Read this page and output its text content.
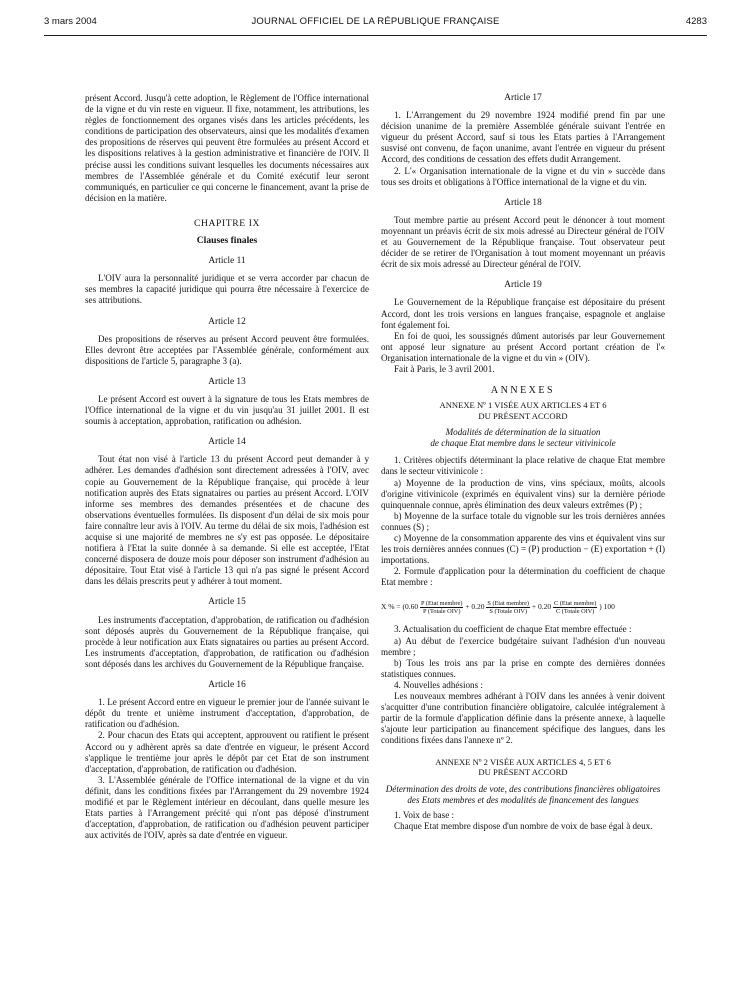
3 mars 2004	JOURNAL OFFICIEL DE LA RÉPUBLIQUE FRANÇAISE	4283

présent Accord. Jusqu'à cette adoption, le Règlement de l'Office international de la vigne et du vin reste en vigueur. Il fixe, notamment, les attributions, les règles de fonctionnement des organes visés dans les articles précédents, les conditions de participation des observateurs, ainsi que les modalités d'examen des propositions de réserves qui peuvent être formulées au présent Accord et les dispositions relatives à la gestion administrative et financière de l'OIV. Il précise aussi les conditions suivant lesquelles les documents nécessaires aux membres de l'Assemblée générale et du Comité exécutif leur seront communiqués, en particulier ce qui concerne le financement, avant la prise de décision en la matière.

CHAPITRE IX
Clauses finales
Article 11

L'OIV aura la personnalité juridique et se verra accorder par chacun de ses membres la capacité juridique qui pourra être nécessaire à l'exercice de ses attributions.

Article 12

Des propositions de réserves au présent Accord peuvent être formulées. Elles devront être acceptées par l'Assemblée générale, conformément aux dispositions de l'article 5, paragraphe 3 (a).

Article 13

Le présent Accord est ouvert à la signature de tous les Etats membres de l'Office international de la vigne et du vin jusqu'au 31 juillet 2001. Il est soumis à acceptation, approbation, ratification ou adhésion.

Article 14

Tout état non visé à l'article 13 du présent Accord peut demander à y adhérer. Les demandes d'adhésion sont directement adressées à l'OIV, avec copie au Gouvernement de la République française, qui procède à leur notification auprès des Etats signataires ou parties au présent Accord. L'OIV informe ses membres des demandes présentées et de chacune des observations éventuelles formulées. Ils disposent d'un délai de six mois pour faire connaître leur avis à l'OIV. Au terme du délai de six mois, l'adhésion est acquise si une majorité de membres ne s'y est pas opposée. Le dépositaire notifiera à l'Etat la suite donnée à sa demande. Si elle est acceptée, l'Etat concerné disposera de douze mois pour déposer son instrument d'adhésion au dépositaire. Tout Etat visé à l'article 13 qui n'a pas signé le présent Accord dans les délais prescrits peut y adhérer à tout moment.

Article 15

Les instruments d'acceptation, d'approbation, de ratification ou d'adhésion sont déposés auprès du Gouvernement de la République française, qui procède à leur notification aux Etats signataires ou parties au présent Accord. Les instruments d'acceptation, d'approbation, de ratification ou d'adhésion sont déposés dans les archives du Gouvernement de la République française.

Article 16

1. Le présent Accord entre en vigueur le premier jour de l'année suivant le dépôt du trente et unième instrument d'acceptation, d'approbation, de ratification ou d'adhésion.

2. Pour chacun des Etats qui acceptent, approuvent ou ratifient le présent Accord ou y adhèrent après sa date d'entrée en vigueur, le présent Accord s'applique le trentième jour après le dépôt par cet Etat de son instrument d'acceptation, d'approbation, de ratification ou d'adhésion.

3. L'Assemblée générale de l'Office international de la vigne et du vin définit, dans les conditions fixées par l'Arrangement du 29 novembre 1924 modifié et par le Règlement intérieur en découlant, dans quelle mesure les Etats parties à l'Arrangement précité qui n'ont pas déposé d'instrument d'acceptation, d'approbation, de ratification ou d'adhésion peuvent participer aux activités de l'OIV, après sa date d'entrée en vigueur.

Article 17

1. L'Arrangement du 29 novembre 1924 modifié prend fin par une décision unanime de la première Assemblée générale suivant l'entrée en vigueur du présent Accord, sauf si tous les Etats parties à l'Arrangement susvisé ont convenu, de façon unanime, avant l'entrée en vigueur du présent Accord, des conditions de cessation des effets dudit Arrangement.

2. L'« Organisation internationale de la vigne et du vin » succède dans tous ses droits et obligations à l'Office international de la vigne et du vin.

Article 18

Tout membre partie au présent Accord peut le dénoncer à tout moment moyennant un préavis écrit de six mois adressé au Directeur général de l'OIV et au Gouvernement de la République française. Tout observateur peut décider de se retirer de l'Organisation à tout moment moyennant un préavis écrit de six mois adressé au Directeur général de l'OIV.

Article 19

Le Gouvernement de la République française est dépositaire du présent Accord, dont les trois versions en langues française, espagnole et anglaise font également foi.

En foi de quoi, les soussignés dûment autorisés par leur Gouvernement ont apposé leur signature au présent Accord portant création de l'« Organisation internationale de la vigne et du vin » (OIV).

Fait à Paris, le 3 avril 2001.

ANNEXES
ANNEXE Nº 1 VISÉE AUX ARTICLES 4 ET 6
DU PRÉSENT ACCORD
Modalités de détermination de la situation
de chaque Etat membre dans le secteur vitivinicole

1. Critères objectifs déterminant la place relative de chaque Etat membre dans le secteur vitivinicole :

a) Moyenne de la production de vins, vins spéciaux, moûts, alcools d'origine vitivinicole (exprimés en équivalent vins) sur la dernière période quinquennale connue, après élimination des deux valeurs extrêmes (P) ;

b) Moyenne de la surface totale du vignoble sur les trois dernières années connues (S) ;

c) Moyenne de la consommation apparente des vins et équivalent vins sur les trois dernières années connues (C) = (P) production − (E) exportation + (I) importations.

2. Formule d'application pour la détermination du coefficient de chaque Etat membre :

X % = ($0.60 \frac{\text{P (Etat membre)}}{\text{P (Totale OIV)}} + 0.20 \frac{\text{S (Etat membre)}}{\text{S (Totale OIV)}} + 0.20 \frac{\text{C (Etat membre)}}{\text{C (Totale OIV)}}$ ) 100

3. Actualisation du coefficient de chaque Etat membre effectuée :

a) Au début de l'exercice budgétaire suivant l'adhésion d'un nouveau membre ;

b) Tous les trois ans par la prise en compte des dernières données statistiques connues.

4. Nouvelles adhésions :

Les nouveaux membres adhérant à l'OIV dans les années à venir doivent s'acquitter d'une contribution financière obligatoire, calculée intégralement à partir de la formule d'application définie dans la présente annexe, à laquelle s'ajoute leur participation au financement spécifique des langues, dans les conditions fixées dans l'annexe nº 2.

ANNEXE Nº 2 VISÉE AUX ARTICLES 4, 5 ET 6
DU PRÉSENT ACCORD
Détermination des droits de vote, des contributions financières obligatoires des Etats membres et des modalités de financement des langues

1. Voix de base :

Chaque Etat membre dispose d'un nombre de voix de base égal à deux.
